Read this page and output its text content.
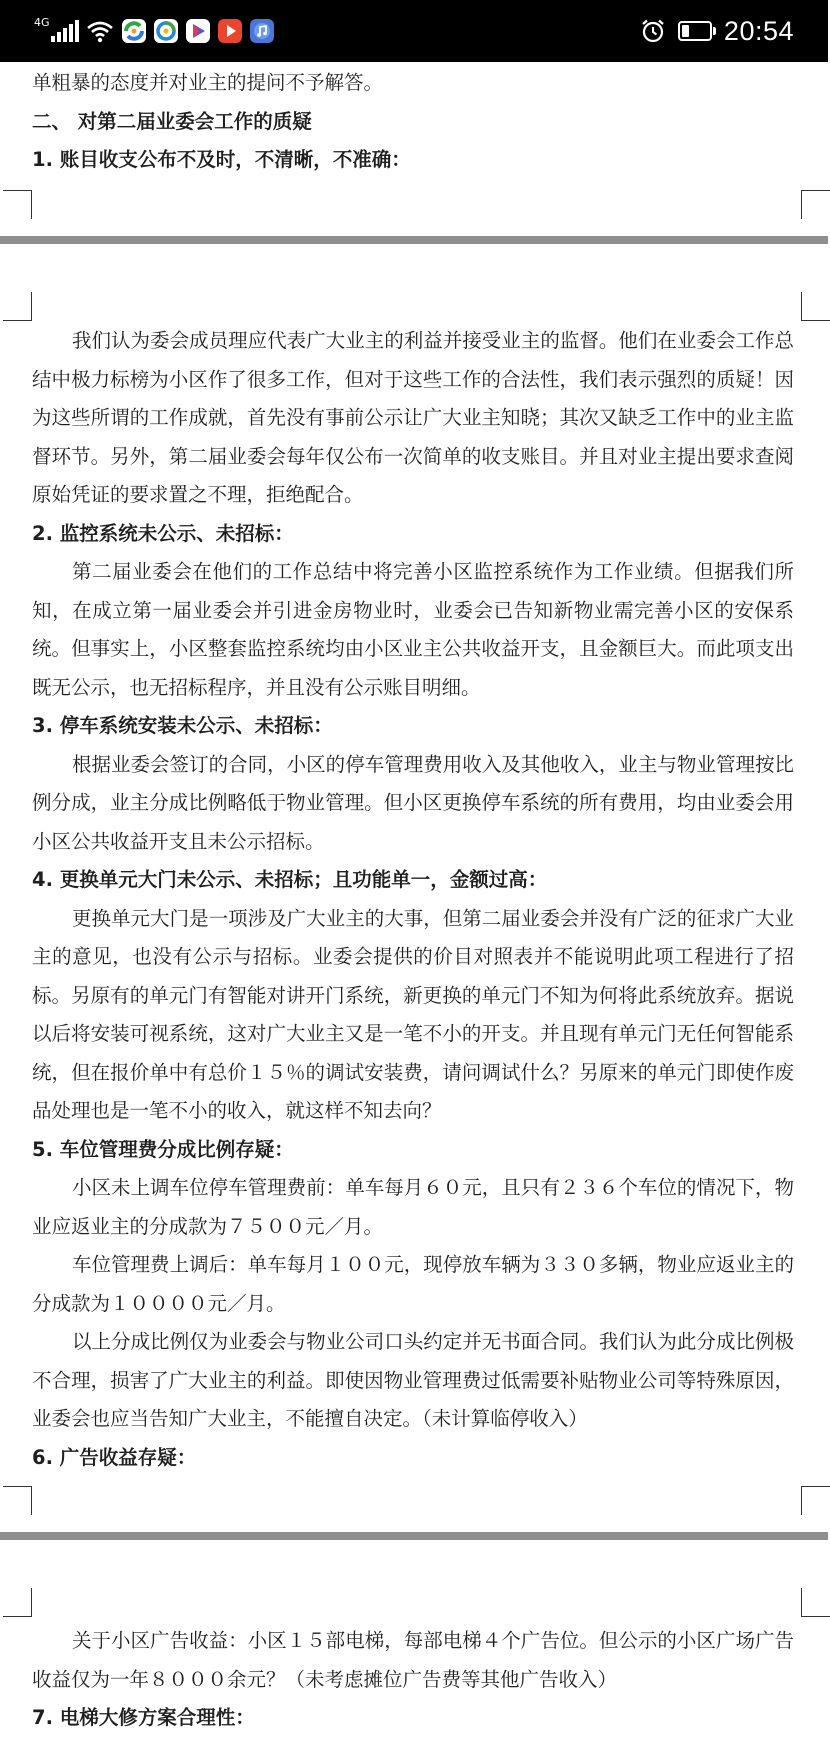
4G	20:54

单粗暴的态度并对业主的提问不予解答。

二、 对第二届业委会工作的质疑

1. 账目收支公布不及时，不清晰，不准确：

我们认为委会成员理应代表广大业主的利益并接受业主的监督。他们在业委会工作总结中极力标榜为小区作了很多工作，但对于这些工作的合法性，我们表示强烈的质疑！因为这些所谓的工作成就，首先没有事前公示让广大业主知晓；其次又缺乏工作中的业主监督环节。另外，第二届业委会每年仅公布一次简单的收支账目。并且对业主提出要求查阅原始凭证的要求置之不理，拒绝配合。

2. 监控系统未公示、未招标：

第二届业委会在他们的工作总结中将完善小区监控系统作为工作业绩。但据我们所知，在成立第一届业委会并引进金房物业时，业委会已告知新物业需完善小区的安保系统。但事实上，小区整套监控系统均由小区业主公共收益开支，且金额巨大。而此项支出既无公示，也无招标程序，并且没有公示账目明细。

3. 停车系统安装未公示、未招标：

根据业委会签订的合同，小区的停车管理费用收入及其他收入，业主与物业管理按比例分成，业主分成比例略低于物业管理。但小区更换停车系统的所有费用，均由业委会用小区公共收益开支且未公示招标。

4. 更换单元大门未公示、未招标；且功能单一，金额过高：

更换单元大门是一项涉及广大业主的大事，但第二届业委会并没有广泛的征求广大业主的意见，也没有公示与招标。业委会提供的价目对照表并不能说明此项工程进行了招标。另原有的单元门有智能对讲开门系统，新更换的单元门不知为何将此系统放弃。据说以后将安装可视系统，这对广大业主又是一笔不小的开支。并且现有单元门无任何智能系统，但在报价单中有总价１５％的调试安装费，请问调试什么？另原来的单元门即使作废品处理也是一笔不小的收入，就这样不知去向？

5. 车位管理费分成比例存疑：

小区未上调车位停车管理费前：单车每月６０元，且只有２３６个车位的情况下，物业应返业主的分成款为７５００元／月。

车位管理费上调后：单车每月１００元，现停放车辆为３３０多辆，物业应返业主的分成款为１００００元／月。

以上分成比例仅为业委会与物业公司口头约定并无书面合同。我们认为此分成比例极不合理，损害了广大业主的利益。即使因物业管理费过低需要补贴物业公司等特殊原因，业委会也应当告知广大业主，不能擅自决定。（未计算临停收入）

6. 广告收益存疑：

关于小区广告收益：小区１５部电梯，每部电梯４个广告位。但公示的小区广场广告收益仅为一年８０００余元？（未考虑摊位广告费等其他广告收入）

7. 电梯大修方案合理性：
